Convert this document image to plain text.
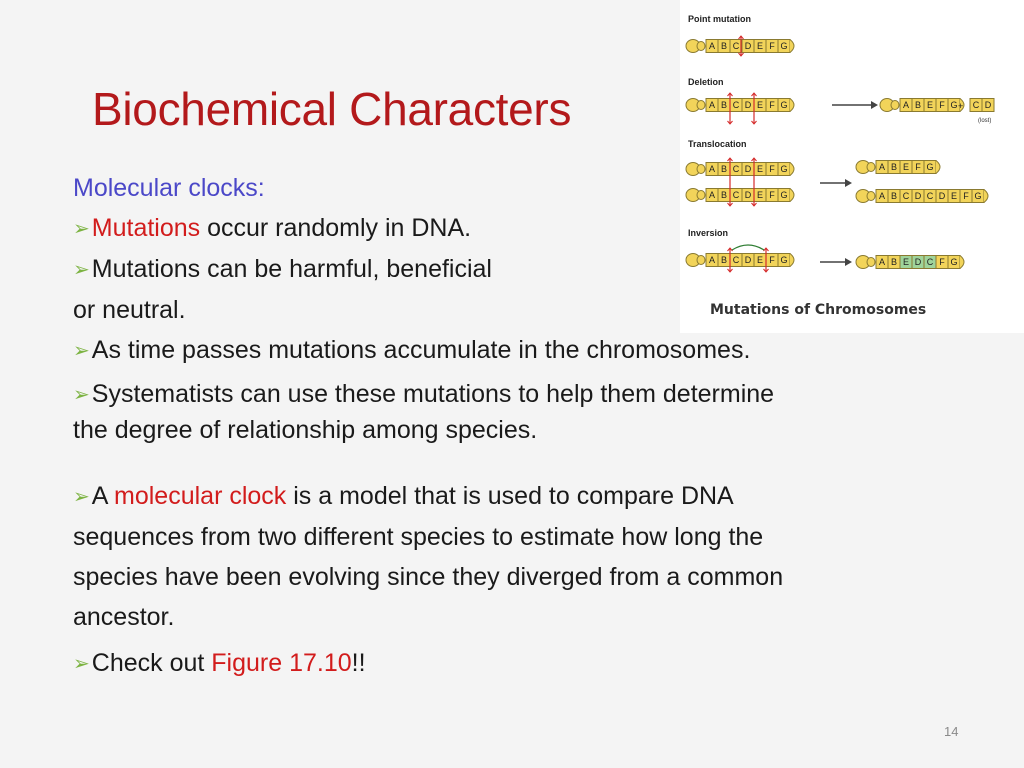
Biochemical Characters
Point mutation
Deletion
Translocation
Inversion
(lost)
Mutations of Chromosomes
A B C D E F G
A B C D E F G	A B E F G + C D
A B C D E F G
A B C D E F G
A B E F G
A B C D C D E F G
A B C D E F G	A B E D C F G

Molecular clocks:

➢Mutations occur randomly in DNA.

➢Mutations can be harmful, beneficial

or neutral.

➢As time passes mutations accumulate in the chromosomes.

➢Systematists can use these mutations to help them determine
the degree of relationship among species.
➢A molecular clock is a model that is used to compare DNA
sequences from two different species to estimate how long the
species have been evolving since they diverged from a common
ancestor.

➢Check out Figure 17.10!!

14
